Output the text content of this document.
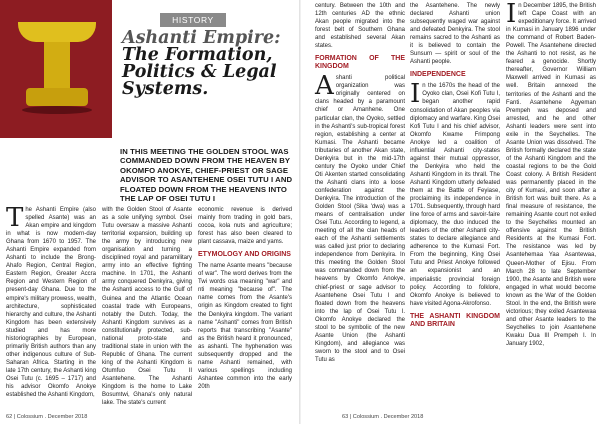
HISTORY
Ashanti Empire:
The Formation, Politics & Legal Systems.
IN THIS MEETING THE GOLDEN STOOL WAS COMMANDED DOWN FROM THE HEAVEN BY OKOMFO ANOKYE, CHIEF-PRIEST OR SAGE ADVISOR TO ASANTEHENE OSEI TUTU I AND FLOATED DOWN FROM THE HEAVENS INTO THE LAP OF OSEI TUTU I

The Ashanti Empire (also spelled Asante) was an Akan empire and kingdom in what is now modern-day Ghana from 1670 to 1957. The Ashanti Empire expanded from Ashanti to include the Brong-Ahafo Region, Central Region, Eastern Region, Greater Accra Region and Western Region of present-day Ghana. Due to the empire's military prowess, wealth, architecture, sophisticated hierarchy and culture, the Ashanti Kingdom has been extensively studied and has more historiographies by European, primarily British authors than any other indigenous culture of Sub-Saharan Africa. Starting in the late 17th century, the Ashanti king Osei Tutu (c. 1695 – 1717) and his advisor Okomfo Anokye established the Ashanti Kingdom,

with the Golden Stool of Asante as a sole unifying symbol. Osei Tutu oversaw a massive Ashanti territorial expansion, building up the army by introducing new organisation and turning a disciplined royal and paramilitary army into an effective fighting machine. In 1701, the Ashanti army conquered Denkyira, giving the Ashanti access to the Gulf of Guinea and the Atlantic Ocean coastal trade with Europeans, notably the Dutch. Today, the Ashanti Kingdom survives as a constitutionally protected, sub-national proto-state and traditional state in union with the Republic of Ghana. The current king of the Ashanti Kingdom is Otumfuo Osei Tutu II Asantehene. The Ashanti Kingdom is the home to Lake Bosumtwi, Ghana's only natural lake. The state's current

economic revenue is derived mainly from trading in gold bars, cocoa, kola nuts and agriculture; forest has also been cleared to plant cassava, maize and yams.

ETYMOLOGY AND ORIGINS

The name Asante means "because of war". The word derives from the Twi words osa meaning "war" and nti meaning "because of". The name comes from the Asante's origin as Kingdom created to fight the Denkyira kingdom. The variant name "Ashanti" comes from British reports that transcribing "Asante" as the British heard it pronounced, as ashanti. The hyphenation was subsequently dropped and the name Ashanti remained, with various spellings including Ashantee common into the early 20th

62 | Colossium . December 2018

century. Between the 10th and 12th centuries AD the ethnic Akan people migrated into the forest belt of Southern Ghana and established several Akan states.

FORMATION OF THE KINGDOM

Ashanti political organization was originally centered on clans headed by a paramount chief or Amanhene. One particular clan, the Oyoko, settled in the Ashanti's sub-tropical forest region, establishing a center at Kumasi. The Ashanti became tributaries of another Akan state, Denkyira but in the mid-17th century the Oyoko under Chief Oti Akenten started consolidating the Ashanti clans into a loose confederation against the Denkyira. The introduction of the Golden Stool (Sika 'dwa) was a means of centralisation under Osei Tutu. According to legend, a meeting of all the clan heads of each of the Ashanti settlements was called just prior to declaring independence from Denkyira. In this meeting the Golden Stool was commanded down from the heavens by Okomfo Anokye, chief-priest or sage advisor to Asantehene Osei Tutu I and floated down from the heavens into the lap of Osei Tutu I. Okomfo Anokye declared the stool to be symbolic of the new Asante Union (the Ashanti Kingdom), and allegiance was sworn to the stool and to Osei Tutu as

the Asantehene. The newly declared Ashanti union subsequently waged war against and defeated Denkyira. The stool remains sacred to the Ashanti as it is believed to contain the Sunsum — spirit or soul of the Ashanti people.

INDEPENDENCE

In the 1670s the head of the Oyoko clan, Osei Kofi Tutu I, began another rapid consolidation of Akan peoples via diplomacy and warfare. King Osei Kofi Tutu I and his chief advisor, Okomfo Kwame Frimpong Anokye led a coalition of influential Ashanti city-states against their mutual oppressor, the Denkyira who held the Ashanti Kingdom in its thrall. The Ashanti Kingdom utterly defeated them at the Battle of Feyiase, proclaiming its independence in 1701. Subsequently, through hard line force of arms and savoir-faire diplomacy, the duo induced the leaders of the other Ashanti city-states to declare allegiance and adherence to the Kumasi Fort. From the beginning, King Osei Tutu and Priest Anokye followed an expansionist and an imperialistic provincial foreign policy. According to folklore, Okomfo Anokye is believed to have visited Agona-Akrofonso.

THE ASHANTI KINGDOM AND BRITAIN

In December 1895, the British left Cape Coast with an expeditionary force. It arrived in Kumasi in January 1896 under the command of Robert Baden-Powell. The Asantehene directed the Ashanti to not resist, as he feared a genocide. Shortly thereafter, Governor William Maxwell arrived in Kumasi as well. Britain annexed the territories of the Ashanti and the Fanti. Asantehene Agyeman Prempeh was deposed and arrested, and he and other Ashanti leaders were sent into exile in the Seychelles. The Asante Union was dissolved. The British formally declared the state of the Ashanti Kingdom and the coastal regions to be the Gold Coast colony. A British Resident was permanently placed in the city of Kumasi, and soon after a British fort was built there. As a final measure of resistance, the remaining Asante court not exiled to the Seychelles mounted an offensive against the British Residents at the Kumasi Fort. The resistance was led by Asantehemaa Yaa Asantewaa, Queen-Mother of Ejisu. From March 28 to late September 1900, the Asante and British were engaged in what would become known as the War of the Golden Stool. In the end, the British were victorious; they exiled Asantewaa and other Asante leaders to the Seychelles to join Asantehene Kwaku Dua III Prempeh I. In January 1902,

63 | Colossium . December 2018
